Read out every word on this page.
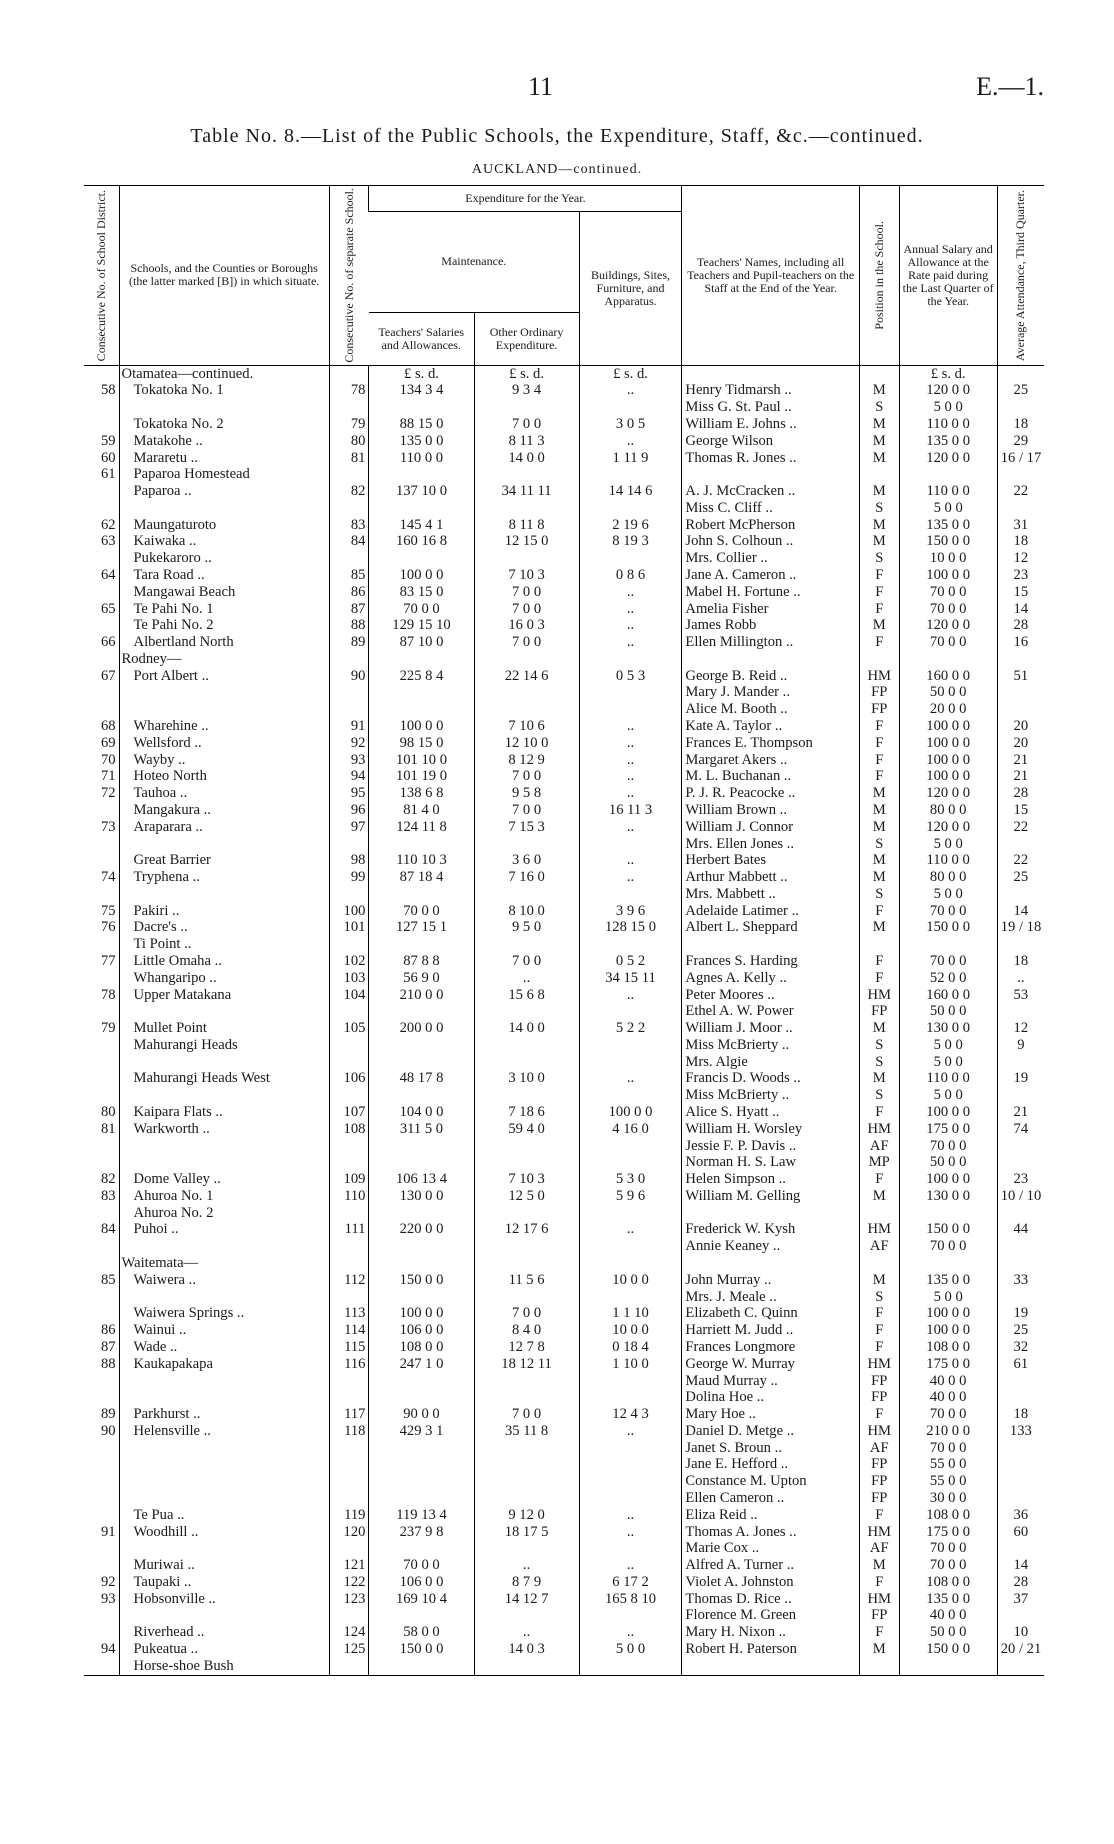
11	E.—1.
Table No. 8.—List of the Public Schools, the Expenditure, Staff, &c.—continued.
AUCKLAND—continued.
Consecutive No. of School District.	Schools, and the Counties or Boroughs (the latter marked [B]) in which situate.	Consecutive No. of separate School.	Expenditure for the Year.			Teachers' Names, including all Teachers and Pupil-teachers on the Staff at the End of the Year.	Position in the School.	Annual Salary and Allowance at the Rate paid during the Last Quarter of the Year.	Average Attendance, Third Quarter.

			Maintenance.		Buildings, Sites, Furniture, and Apparatus.				
			Teachers' Salaries and Allowances.	Other Ordinary Expenditure.					
	Otamatea—continued.		£ s. d.	£ s. d.	£ s. d.			£ s. d.	
58	Tokatoka No. 1	78	134 3 4	9 3 4	..	Henry Tidmarsh ..	M	120 0 0	25
						Miss G. St. Paul ..	S	5 0 0	
	Tokatoka No. 2	79	88 15 0	7 0 0	3 0 5	William E. Johns ..	M	110 0 0	18
59	Matakohe ..	80	135 0 0	8 11 3	..	George Wilson	M	135 0 0	29
60	Mararetu ..	81	110 0 0	14 0 0	1 11 9	Thomas R. Jones ..	M	120 0 0	16 / 17
61	Paparoa Homestead								
	Paparoa ..	82	137 10 0	34 11 11	14 14 6	A. J. McCracken ..	M	110 0 0	22
						Miss C. Cliff ..	S	5 0 0	
62	Maungaturoto	83	145 4 1	8 11 8	2 19 6	Robert McPherson	M	135 0 0	31
63	Kaiwaka ..	84	160 16 8	12 15 0	8 19 3	John S. Colhoun ..	M	150 0 0	18
	Pukekaroro ..					Mrs. Collier ..	S	10 0 0	12
64	Tara Road ..	85	100 0 0	7 10 3	0 8 6	Jane A. Cameron ..	F	100 0 0	23
	Mangawai Beach	86	83 15 0	7 0 0	..	Mabel H. Fortune ..	F	70 0 0	15
65	Te Pahi No. 1	87	70 0 0	7 0 0	..	Amelia Fisher	F	70 0 0	14
	Te Pahi No. 2	88	129 15 10	16 0 3	..	James Robb	M	120 0 0	28
66	Albertland North	89	87 10 0	7 0 0	..	Ellen Millington ..	F	70 0 0	16
	Rodney—								
67	Port Albert ..	90	225 8 4	22 14 6	0 5 3	George B. Reid ..	HM	160 0 0	51
						Mary J. Mander ..	FP	50 0 0	
						Alice M. Booth ..	FP	20 0 0	
68	Wharehine ..	91	100 0 0	7 10 6	..	Kate A. Taylor ..	F	100 0 0	20
69	Wellsford ..	92	98 15 0	12 10 0	..	Frances E. Thompson	F	100 0 0	20
70	Wayby ..	93	101 10 0	8 12 9	..	Margaret Akers ..	F	100 0 0	21
71	Hoteo North	94	101 19 0	7 0 0	..	M. L. Buchanan ..	F	100 0 0	21
72	Tauhoa ..	95	138 6 8	9 5 8	..	P. J. R. Peacocke ..	M	120 0 0	28
	Mangakura ..	96	81 4 0	7 0 0	16 11 3	William Brown ..	M	80 0 0	15
73	Araparara ..	97	124 11 8	7 15 3	..	William J. Connor	M	120 0 0	22
						Mrs. Ellen Jones ..	S	5 0 0	
	Great Barrier	98	110 10 3	3 6 0	..	Herbert Bates	M	110 0 0	22
74	Tryphena ..	99	87 18 4	7 16 0	..	Arthur Mabbett ..	M	80 0 0	25
						Mrs. Mabbett ..	S	5 0 0	
75	Pakiri ..	100	70 0 0	8 10 0	3 9 6	Adelaide Latimer ..	F	70 0 0	14
76	Dacre's ..	101	127 15 1	9 5 0	128 15 0	Albert L. Sheppard	M	150 0 0	19 / 18
	Ti Point ..								
77	Little Omaha ..	102	87 8 8	7 0 0	0 5 2	Frances S. Harding	F	70 0 0	18
	Whangaripo ..	103	56 9 0	..	34 15 11	Agnes A. Kelly ..	F	52 0 0	..
78	Upper Matakana	104	210 0 0	15 6 8	..	Peter Moores ..	HM	160 0 0	53
						Ethel A. W. Power	FP	50 0 0	
79	Mullet Point	105	200 0 0	14 0 0	5 2 2	William J. Moor ..	M	130 0 0	12
	Mahurangi Heads					Miss McBrierty ..	S	5 0 0	9
						Mrs. Algie	S	5 0 0	
	Mahurangi Heads West	106	48 17 8	3 10 0	..	Francis D. Woods ..	M	110 0 0	19
						Miss McBrierty ..	S	5 0 0	
80	Kaipara Flats ..	107	104 0 0	7 18 6	100 0 0	Alice S. Hyatt ..	F	100 0 0	21
81	Warkworth ..	108	311 5 0	59 4 0	4 16 0	William H. Worsley	HM	175 0 0	74
						Jessie F. P. Davis ..	AF	70 0 0	
						Norman H. S. Law	MP	50 0 0	
82	Dome Valley ..	109	106 13 4	7 10 3	5 3 0	Helen Simpson ..	F	100 0 0	23
83	Ahuroa No. 1	110	130 0 0	12 5 0	5 9 6	William M. Gelling	M	130 0 0	10 / 10
	Ahuroa No. 2								
84	Puhoi ..	111	220 0 0	12 17 6	..	Frederick W. Kysh	HM	150 0 0	44
						Annie Keaney ..	AF	70 0 0	
	Waitemata—								
85	Waiwera ..	112	150 0 0	11 5 6	10 0 0	John Murray ..	M	135 0 0	33
						Mrs. J. Meale ..	S	5 0 0	
	Waiwera Springs ..	113	100 0 0	7 0 0	1 1 10	Elizabeth C. Quinn	F	100 0 0	19
86	Wainui ..	114	106 0 0	8 4 0	10 0 0	Harriett M. Judd ..	F	100 0 0	25
87	Wade ..	115	108 0 0	12 7 8	0 18 4	Frances Longmore	F	108 0 0	32
88	Kaukapakapa	116	247 1 0	18 12 11	1 10 0	George W. Murray	HM	175 0 0	61
						Maud Murray ..	FP	40 0 0	
						Dolina Hoe ..	FP	40 0 0	
89	Parkhurst ..	117	90 0 0	7 0 0	12 4 3	Mary Hoe ..	F	70 0 0	18
90	Helensville ..	118	429 3 1	35 11 8	..	Daniel D. Metge ..	HM	210 0 0	133
						Janet S. Broun ..	AF	70 0 0	
						Jane E. Hefford ..	FP	55 0 0	
						Constance M. Upton	FP	55 0 0	
						Ellen Cameron ..	FP	30 0 0	
	Te Pua ..	119	119 13 4	9 12 0	..	Eliza Reid ..	F	108 0 0	36
91	Woodhill ..	120	237 9 8	18 17 5	..	Thomas A. Jones ..	HM	175 0 0	60
						Marie Cox ..	AF	70 0 0	
	Muriwai ..	121	70 0 0	..	..	Alfred A. Turner ..	M	70 0 0	14
92	Taupaki ..	122	106 0 0	8 7 9	6 17 2	Violet A. Johnston	F	108 0 0	28
93	Hobsonville ..	123	169 10 4	14 12 7	165 8 10	Thomas D. Rice ..	HM	135 0 0	37
						Florence M. Green	FP	40 0 0	
	Riverhead ..	124	58 0 0	..	..	Mary H. Nixon ..	F	50 0 0	10
94	Pukeatua ..	125	150 0 0	14 0 3	5 0 0	Robert H. Paterson	M	150 0 0	20 / 21
	Horse-shoe Bush								
